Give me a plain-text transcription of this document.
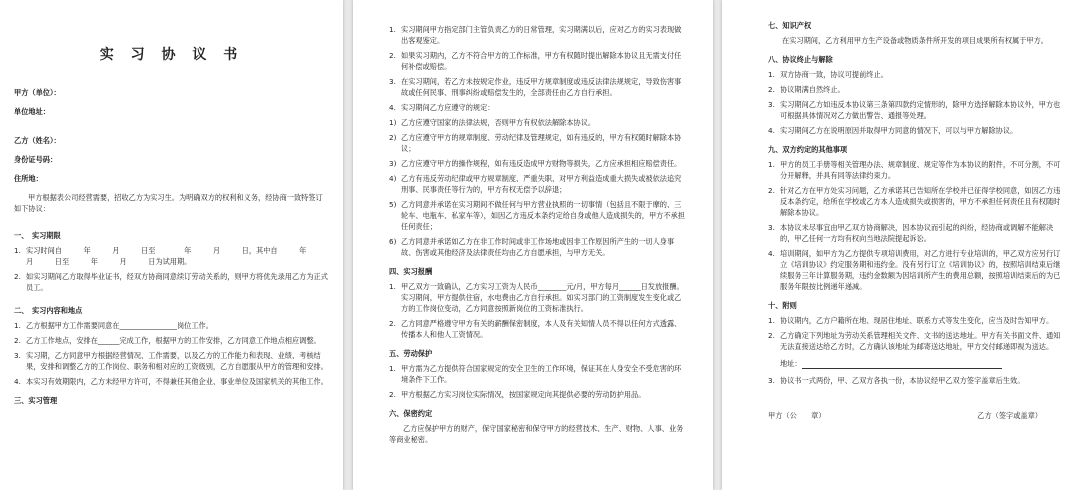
实 习 协 议 书
甲方（单位）：
单位地址：
乙方（姓名）：
身份证号码：
住所地：
甲方根据表公司经营需要，招收乙方为实习生。为明确双方的权利和义务，经协商一致特签订如下协议：
一、　实习期限
1. 实习时间自　　　年　　　月　　　日至　　　　年　　　月　　　日，其中自　　　年　　　月　　　日至　　　年　　　月　　　日为试用期。
2. 如实习期间乙方取得毕业证书，经双方协商同意续订劳动关系的，则甲方将优先录用乙方为正式员工。
二、　实习内容和地点
1. 乙方根据甲方工作需要同意在________________岗位工作。
2. 乙方工作地点，安排在______完成工作，根据甲方的工作安排，乙方同意工作地点相应调整。
3. 实习期，乙方同意甲方根据经营情况、工作需要，以及乙方的工作能力和表现、业绩、考核结果，安排和调整乙方的工作岗位、职务和相对应的工资级别，乙方自愿服从甲方的管理和安排。
4. 本实习有效期限内，乙方未经甲方许可，不得兼任其他企业、事业单位及国家机关的其他工作。
三、实习管理
1. 实习期间甲方指定部门主管负责乙方的日常管理，实习期满以后，应对乙方的实习表现做出客观鉴定。
2. 如果实习期内，乙方不符合甲方的工作标准，甲方有权随时提出解除本协议且无需支付任何补偿或赔偿。
3. 在实习期间，若乙方未按规定作业，违反甲方规章制度或违反法律法规规定，导致伤害事故或任何民事、刑事纠纷或赔偿发生的，全部责任由乙方自行承担。
4. 实习期间乙方应遵守的规定：
1) 乙方应遵守国家的法律法规，否则甲方有权依法解除本协议。
2) 乙方应遵守甲方的规章制度、劳动纪律及管理规定，如有违反的，甲方有权随时解除本协议；
3) 乙方应遵守甲方的操作规程，如有违反造成甲方财物等损失，乙方应承担相应赔偿责任。
4) 乙方有违反劳动纪律或甲方规章制度、严重失职、对甲方利益造成重大损失或被依法追究刑事、民事责任等行为的，甲方有权无偿予以辞退；
5) 乙方同意并承诺在实习期间不做任何与甲方营业执照的一切事情（包括且不限于摩的、三轮车、电瓶车、私家车等），如因乙方违反本条约定给自身或他人造成损失的，甲方不承担任何责任；
6) 乙方同意并承诺如乙方在非工作时间或非工作场地或因非工作原因所产生的一切人身事故、伤害或其他经济及法律责任均由乙方自愿承担，与甲方无关。
四、实习报酬
1. 甲乙双方一致确认，乙方实习工资为人民币________元/月，甲方每月______日发放报酬。实习期间，甲方提供住宿，水电费由乙方自行承担。如实习部门的工资制度发生变化或乙方的工作岗位变动，乙方同意按照新岗位的工资标准执行。
2. 乙方同意严格遵守甲方有关的薪酬保密制度，本人及有关知情人员不得以任何方式透露、传播本人和他人工资情况。
五、劳动保护
1. 甲方需为乙方提供符合国家规定的安全卫生的工作环境，保证其在人身安全不受危害的环境条件下工作。
2. 甲方根据乙方实习岗位实际情况，按国家规定向其提供必要的劳动防护用品。
六、保密约定
乙方应保护甲方的财产，保守国家秘密和保守甲方的经营技术、生产、财物、人事、业务等商业秘密。
七、知识产权
在实习期间，乙方利用甲方生产设备或物质条件所开发的项目成果所有权属于甲方。
八、协议终止与解除
1. 双方协商一致，协议可提前终止。
2. 协议期满自然终止。
3. 实习期间乙方如违反本协议第三条第四款约定情形的，除甲方选择解除本协议外，甲方也可根据具体情况对乙方做出警告、通报等处理。
4. 实习期间乙方在说明原因并取得甲方同意的情况下，可以与甲方解除协议。
九、双方约定的其他事项
1. 甲方的员工手册等相关管理办法、规章制度、规定等作为本协议的附件，不可分割，不可分开解释，并具有同等法律约束力。
2. 针对乙方在甲方处实习问题，乙方承诺其已告知所在学校并已征得学校同意，如因乙方违反本条约定，给所在学校或乙方本人造成损失或损害的，甲方不承担任何责任且有权随时解除本协议。
3. 本协议未尽事宜由甲乙双方协商解决，因本协议而引起的纠纷，经协商或调解不能解决的，甲乙任何一方均有权向当地法院提起诉讼。
4. 培训期间，如甲方为乙方提供专项培训费用，对乙方进行专业培训的，甲乙双方应另行订立《培训协议》约定服务期和违约金。没有另行订立《培训协议》的，按照培训结束后继续服务三年计算服务期，违约金数额为因培训所产生的费用总额，按照培训结束后的为已服务年限按比例递年递减。
十、附则
1. 协议期内，乙方户籍所在地、现居住地址、联系方式等发生变化，应当及时告知甲方。
2. 乙方确定下列地址为劳动关系管理相关文件、文书的送达地址。甲方有关书面文件、通知无法直接送达给乙方时，乙方确认该地址为邮寄送达地址，甲方交付邮递即视为送达。
地址：
3. 协议书一式两份，甲、乙双方各执一份，本协议经甲乙双方签字盖章后生效。
甲方（公　　章）	乙方（签字或盖章）
